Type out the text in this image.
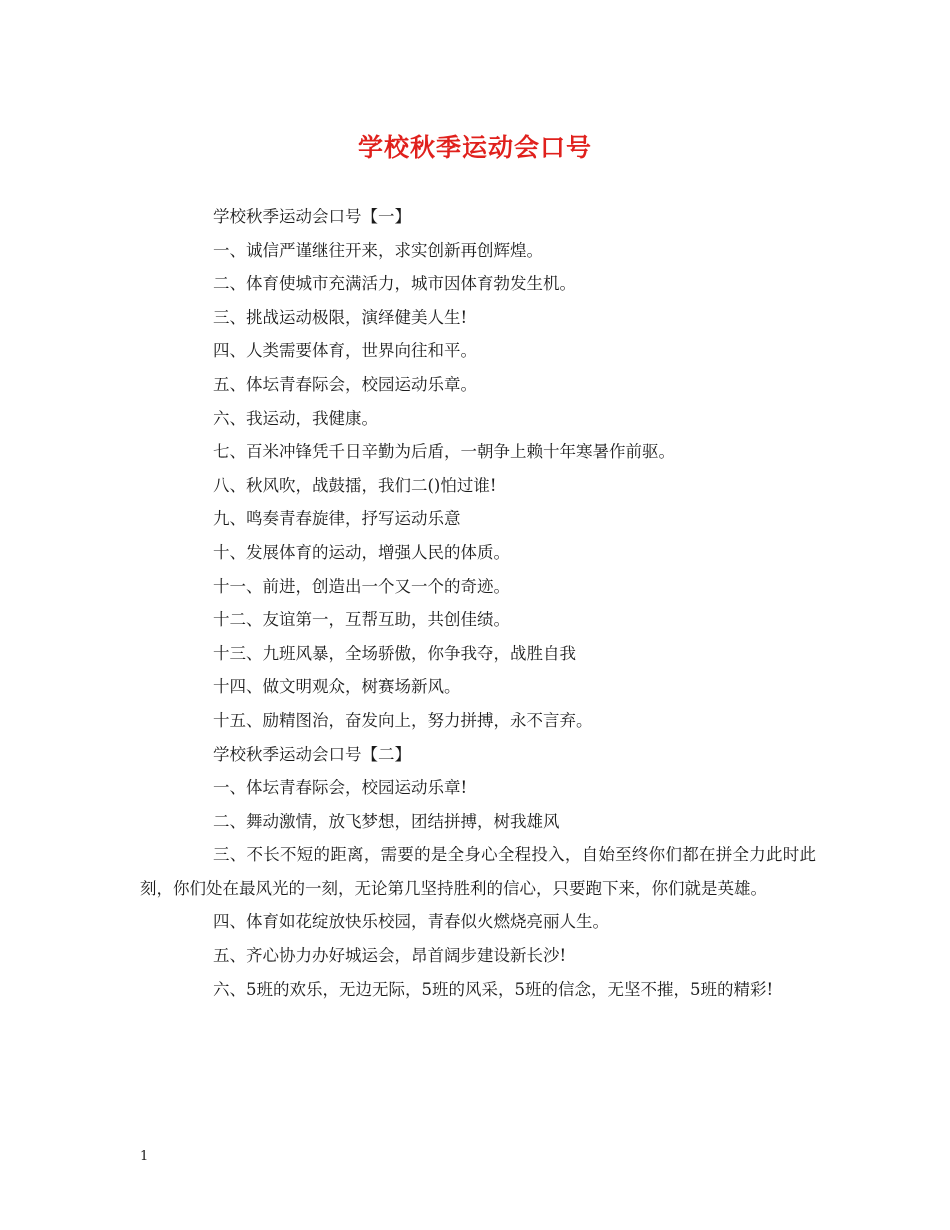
学校秋季运动会口号

学校秋季运动会口号【一】

一、诚信严谨继往开来，求实创新再创辉煌。

二、体育使城市充满活力，城市因体育勃发生机。

三、挑战运动极限，演绎健美人生!

四、人类需要体育，世界向往和平。

五、体坛青春际会，校园运动乐章。

六、我运动，我健康。

七、百米冲锋凭千日辛勤为后盾，一朝争上赖十年寒暑作前驱。

八、秋风吹，战鼓擂，我们二()怕过谁!

九、鸣奏青春旋律，抒写运动乐意

十、发展体育的运动，增强人民的体质。

十一、前进，创造出一个又一个的奇迹。

十二、友谊第一，互帮互助，共创佳绩。

十三、九班风暴，全场骄傲，你争我夺，战胜自我

十四、做文明观众，树赛场新风。

十五、励精图治，奋发向上，努力拼搏，永不言弃。

学校秋季运动会口号【二】

一、体坛青春际会，校园运动乐章!

二、舞动激情，放飞梦想，团结拼搏，树我雄风

三、不长不短的距离，需要的是全身心全程投入，自始至终你们都在拼全力此时此刻，你们处在最风光的一刻，无论第几坚持胜利的信心，只要跑下来，你们就是英雄。

四、体育如花绽放快乐校园，青春似火燃烧亮丽人生。

五、齐心协力办好城运会，昂首阔步建设新长沙!

六、5班的欢乐，无边无际，5班的风采，5班的信念，无坚不摧，5班的精彩!

1
